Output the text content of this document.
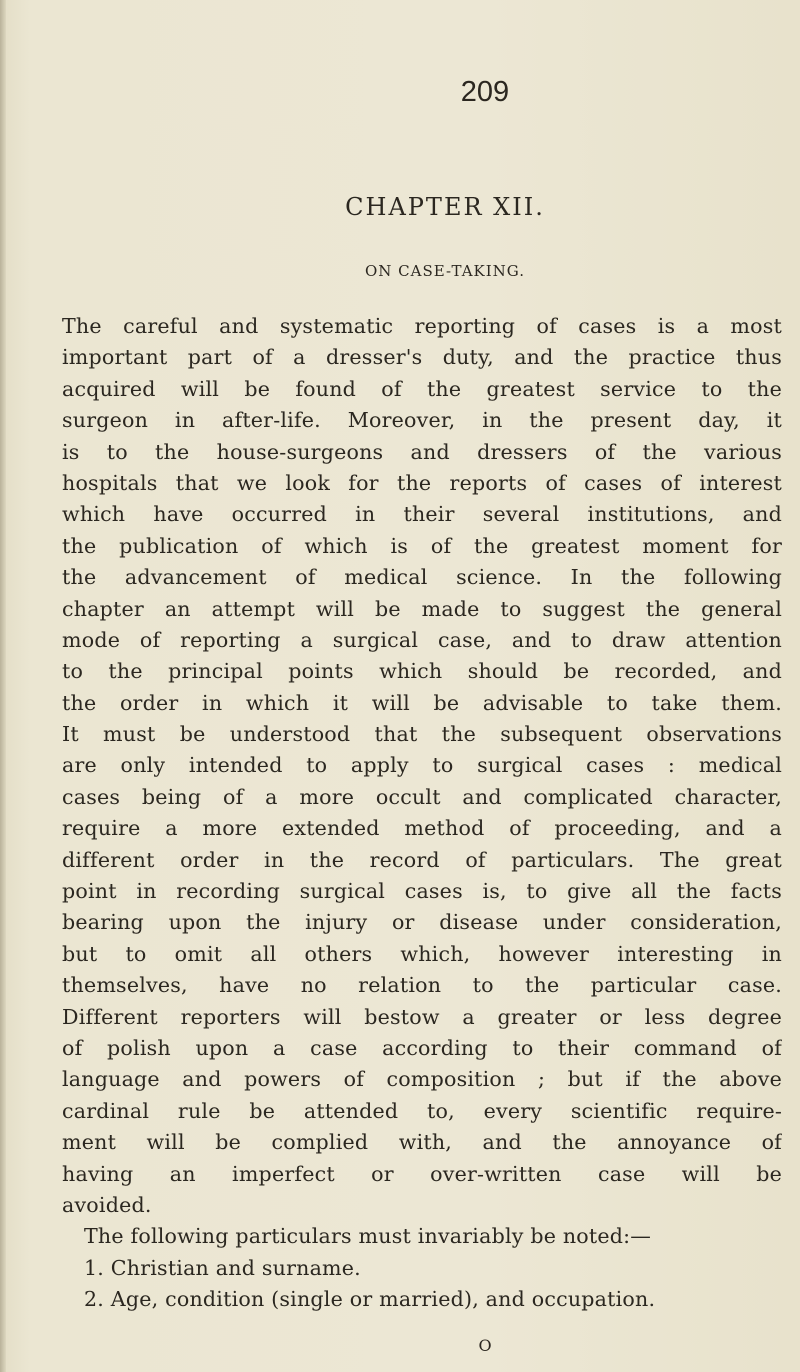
209
CHAPTER XII.
ON CASE-TAKING.
The careful and systematic reporting of cases is a most
important part of a dresser's duty, and the practice thus
acquired will be found of the greatest service to the
surgeon in after-life. Moreover, in the present day, it
is to the house-surgeons and dressers of the various
hospitals that we look for the reports of cases of interest
which have occurred in their several institutions, and
the publication of which is of the greatest moment for
the advancement of medical science. In the following
chapter an attempt will be made to suggest the general
mode of reporting a surgical case, and to draw attention
to the principal points which should be recorded, and
the order in which it will be advisable to take them.
It must be understood that the subsequent observations
are only intended to apply to surgical cases : medical
cases being of a more occult and complicated character,
require a more extended method of proceeding, and a
different order in the record of particulars. The great
point in recording surgical cases is, to give all the facts
bearing upon the injury or disease under consideration,
but to omit all others which, however interesting in
themselves, have no relation to the particular case.
Different reporters will bestow a greater or less degree
of polish upon a case according to their command of
language and powers of composition ; but if the above
cardinal rule be attended to, every scientific require-
ment will be complied with, and the annoyance of
having an imperfect or over-written case will be
avoided.
The following particulars must invariably be noted:—
1. Christian and surname.
2. Age, condition (single or married), and occupation.
O
